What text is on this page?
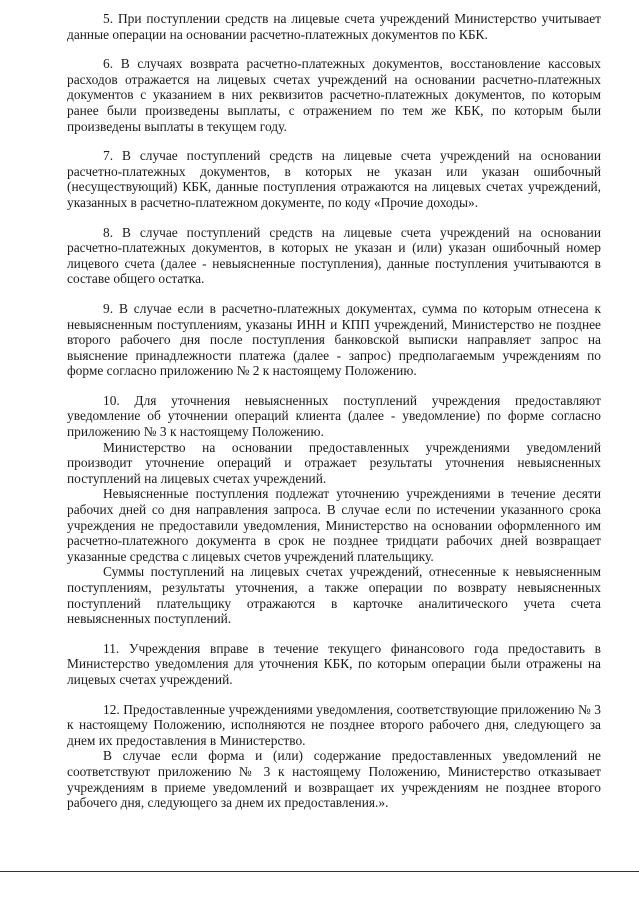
5. При поступлении средств на лицевые счета учреждений Министерство учитывает данные операции на основании расчетно-платежных документов по КБК.

6. В случаях возврата расчетно-платежных документов, восстановление кассовых расходов отражается на лицевых счетах учреждений на основании расчетно-платежных документов с указанием в них реквизитов расчетно-платежных документов, по которым ранее были произведены выплаты, с отражением по тем же КБК, по которым были произведены выплаты в текущем году.

7. В случае поступлений средств на лицевые счета учреждений на основании расчетно-платежных документов, в которых не указан или указан ошибочный (несуществующий) КБК, данные поступления отражаются на лицевых счетах учреждений, указанных в расчетно-платежном документе, по коду «Прочие доходы».

8. В случае поступлений средств на лицевые счета учреждений на основании расчетно-платежных документов, в которых не указан и (или) указан ошибочный номер лицевого счета (далее - невыясненные поступления), данные поступления учитываются в составе общего остатка.

9. В случае если в расчетно-платежных документах, сумма по которым отнесена к невыясненным поступлениям, указаны ИНН и КПП учреждений, Министерство не позднее второго рабочего дня после поступления банковской выписки направляет запрос на выяснение принадлежности платежа (далее - запрос) предполагаемым учреждениям по форме согласно приложению № 2 к настоящему Положению.

10. Для уточнения невыясненных поступлений учреждения предоставляют уведомление об уточнении операций клиента (далее - уведомление) по форме согласно приложению № 3 к настоящему Положению.

Министерство на основании предоставленных учреждениями уведомлений производит уточнение операций и отражает результаты уточнения невыясненных поступлений на лицевых счетах учреждений.

Невыясненные поступления подлежат уточнению учреждениями в течение десяти рабочих дней со дня направления запроса. В случае если по истечении указанного срока учреждения не предоставили уведомления, Министерство на основании оформленного им расчетно-платежного документа в срок не позднее тридцати рабочих дней возвращает указанные средства с лицевых счетов учреждений плательщику.

Суммы поступлений на лицевых счетах учреждений, отнесенные к невыясненным поступлениям, результаты уточнения, а также операции по возврату невыясненных поступлений плательщику отражаются в карточке аналитического учета счета невыясненных поступлений.

11. Учреждения вправе в течение текущего финансового года предоставить в Министерство уведомления для уточнения КБК, по которым операции были отражены на лицевых счетах учреждений.

12. Предоставленные учреждениями уведомления, соответствующие приложению № 3 к настоящему Положению, исполняются не позднее второго рабочего дня, следующего за днем их предоставления в Министерство.

В случае если форма и (или) содержание предоставленных уведомлений не соответствуют приложению № 3 к настоящему Положению, Министерство отказывает учреждениям в приеме уведомлений и возвращает их учреждениям не позднее второго рабочего дня, следующего за днем их предоставления.».
